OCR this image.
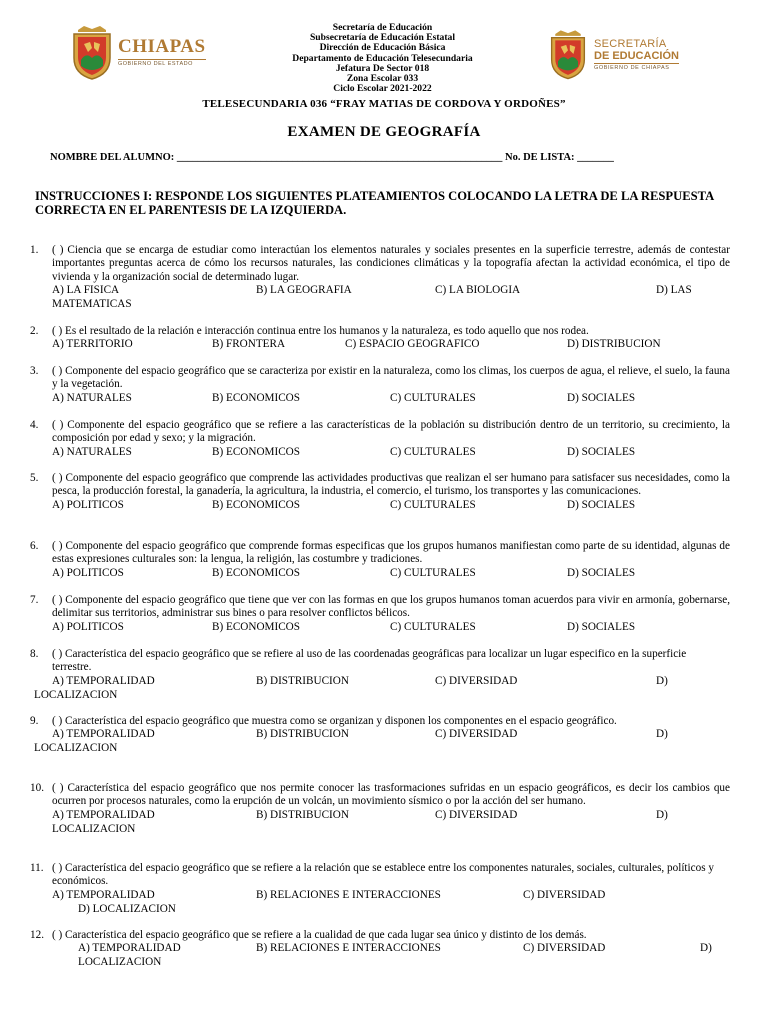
CHIAPAS
GOBIERNO DEL ESTADO
Secretaría de Educación
Subsecretaría de Educación Estatal
Dirección de Educación Básica
Departamento de Educación Telesecundaria
Jefatura De Sector 018
Zona Escolar 033
Ciclo Escolar 2021-2022
SECRETARÍA
DE EDUCACIÓN
GOBIERNO DE CHIAPAS
TELESECUNDARIA 036 “FRAY MATIAS DE CORDOVA Y ORDOÑES”
EXAMEN DE GEOGRAFÍA
NOMBRE DEL ALUMNO: ______________________________________________________________ No. DE LISTA: _______
INSTRUCCIONES I: RESPONDE LOS SIGUIENTES PLATEAMIENTOS COLOCANDO LA LETRA DE LA RESPUESTA CORRECTA EN EL PARENTESIS DE LA IZQUIERDA.
1. ( ) Ciencia que se encarga de estudiar como interactúan los elementos naturales y sociales presentes en la superficie terrestre, además de contestar importantes preguntas acerca de cómo los recursos naturales, las condiciones climáticas y la topografía afectan la actividad económica, el tipo de vivienda y la organización social de determinado lugar.
A) LA FISICA	B) LA GEOGRAFIA	C) LA BIOLOGIA	D) LAS
MATEMATICAS
2. ( ) Es el resultado de la relación e interacción continua entre los humanos y la naturaleza, es todo aquello que nos rodea.
A) TERRITORIO	B) FRONTERA	C) ESPACIO GEOGRAFICO	D) DISTRIBUCION
3. ( ) Componente del espacio geográfico que se caracteriza por existir en la naturaleza, como los climas, los cuerpos de agua, el relieve, el suelo, la fauna y la vegetación.
A) NATURALES	B) ECONOMICOS	C) CULTURALES	D) SOCIALES
4. ( ) Componente del espacio geográfico que se refiere a las características de la población su distribución dentro de un territorio, su crecimiento, la composición por edad y sexo; y la migración.
A) NATURALES	B) ECONOMICOS	C) CULTURALES	D) SOCIALES
5. ( ) Componente del espacio geográfico que comprende las actividades productivas que realizan el ser humano para satisfacer sus necesidades, como la pesca, la producción forestal, la ganadería, la agricultura, la industria, el comercio, el turismo, los transportes y las comunicaciones.
A) POLITICOS	B) ECONOMICOS	C) CULTURALES	D) SOCIALES
6. ( ) Componente del espacio geográfico que comprende formas especificas que los grupos humanos manifiestan como parte de su identidad, algunas de estas expresiones culturales son: la lengua, la religión, las costumbre y tradiciones.
A) POLITICOS	B) ECONOMICOS	C) CULTURALES	D) SOCIALES
7. ( ) Componente del espacio geográfico que tiene que ver con las formas en que los grupos humanos toman acuerdos para vivir en armonía, gobernarse, delimitar sus territorios, administrar sus bines o para resolver conflictos bélicos.
A) POLITICOS	B) ECONOMICOS	C) CULTURALES	D) SOCIALES
8. ( ) Característica del espacio geográfico que se refiere al uso de las coordenadas geográficas para localizar un lugar especifico en la superficie terrestre.
A) TEMPORALIDAD	B) DISTRIBUCION	C) DIVERSIDAD	D)
LOCALIZACION
9. ( ) Característica del espacio geográfico que muestra como se organizan y disponen los componentes en el espacio geográfico.
A) TEMPORALIDAD	B) DISTRIBUCION	C) DIVERSIDAD	D)
LOCALIZACION
10. ( ) Característica del espacio geográfico que nos permite conocer las trasformaciones sufridas en un espacio geográficos, es decir los cambios que ocurren por procesos naturales, como la erupción de un volcán, un movimiento sísmico o por la acción del ser humano.
A) TEMPORALIDAD	B) DISTRIBUCION	C) DIVERSIDAD	D)
LOCALIZACION
11. ( ) Característica del espacio geográfico que se refiere a la relación que se establece entre los componentes naturales, sociales, culturales, políticos y económicos.
A) TEMPORALIDAD	B) RELACIONES E INTERACCIONES	C) DIVERSIDAD
D) LOCALIZACION
12. ( ) Característica del espacio geográfico que se refiere a la cualidad de que cada lugar sea único y distinto de los demás.
A) TEMPORALIDAD	B) RELACIONES E INTERACCIONES	C) DIVERSIDAD	D)
LOCALIZACION
